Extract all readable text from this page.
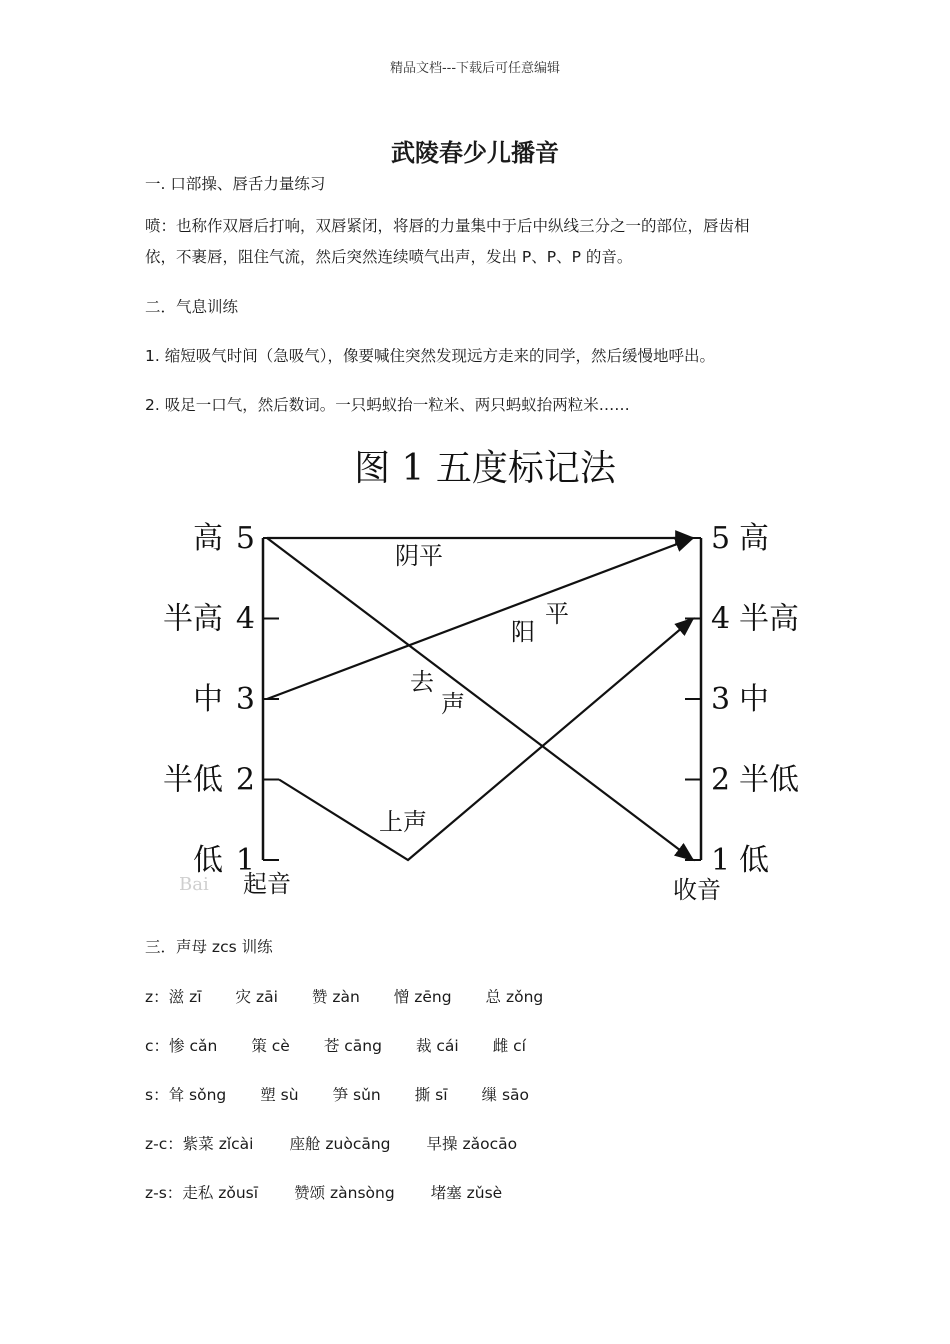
精品文档---下载后可任意编辑
武陵春少儿播音
一. 口部操、唇舌力量练习
喷：也称作双唇后打响，双唇紧闭，将唇的力量集中于后中纵线三分之一的部位，唇齿相
依，不裹唇，阻住气流，然后突然连续喷气出声，发出 P、P、P 的音。
二．气息训练
1. 缩短吸气时间（急吸气），像要喊住突然发现远方走来的同学，然后缓慢地呼出。
2. 吸足一口气，然后数词。一只蚂蚁抬一粒米、两只蚂蚁抬两粒米……
图 1 五度标记法
5
高
4
半高
3
中
2
半低
1
低
5 高
4 半高
3 中
2 半低
1 低
阴平
阳
平
去
声
上声
Bai 起音	收音
三．声母 zcs 训练
z：滋 zī 灾 zāi 赞 zàn 憎 zēng 总 zǒng
c：惨 cǎn 策 cè 苍 cāng 裁 cái 雌 cí
s：耸 sǒng 塑 sù 笋 sǔn 撕 sī 缫 sāo
z-c：紫菜 zǐcài 座舱 zuòcāng 早操 zǎocāo
z-s：走私 zǒusī 赞颂 zànsòng 堵塞 zǔsè
